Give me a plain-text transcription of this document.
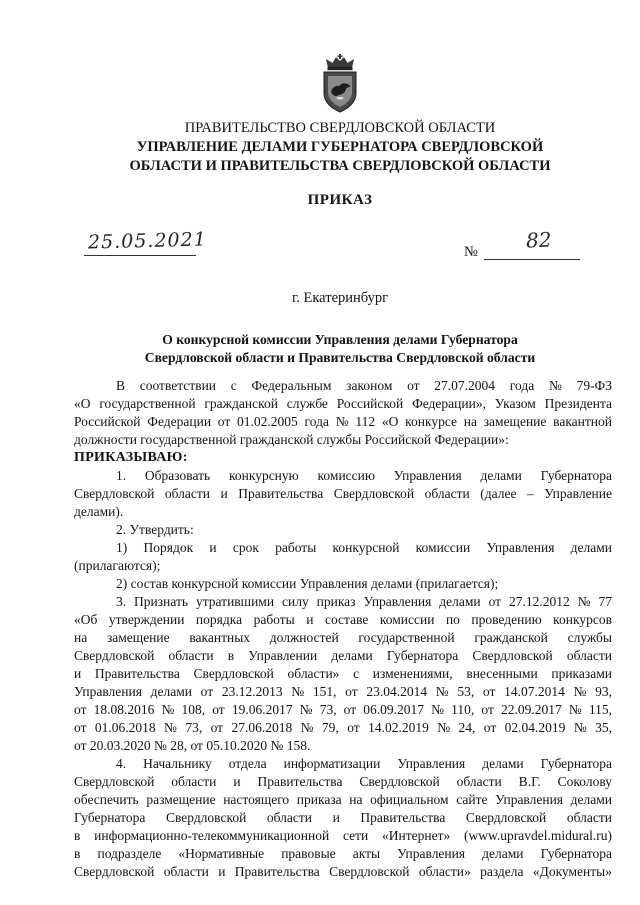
ПРАВИТЕЛЬСТВО СВЕРДЛОВСКОЙ ОБЛАСТИ
УПРАВЛЕНИЕ ДЕЛАМИ ГУБЕРНАТОРА СВЕРДЛОВСКОЙ
ОБЛАСТИ И ПРАВИТЕЛЬСТВА СВЕРДЛОВСКОЙ ОБЛАСТИ
ПРИКАЗ
25.05.2021	№ 82
г. Екатеринбург
О конкурсной комиссии Управления делами Губернатора
Свердловской области и Правительства Свердловской области
В соответствии с Федеральным законом от 27.07.2004 года № 79-ФЗ
«О государственной гражданской службе Российской Федерации», Указом Президента
Российской Федерации от 01.02.2005 года № 112 «О конкурсе на замещение вакантной
должности государственной гражданской службы Российской Федерации»:
ПРИКАЗЫВАЮ:
1. Образовать конкурсную комиссию Управления делами Губернатора
Свердловской области и Правительства Свердловской области (далее – Управление
делами).
2. Утвердить:
1) Порядок и срок работы конкурсной комиссии Управления делами
(прилагаются);
2) состав конкурсной комиссии Управления делами (прилагается);
3. Признать утратившими силу приказ Управления делами от 27.12.2012 № 77
«Об утверждении порядка работы и составе комиссии по проведению конкурсов
на замещение вакантных должностей государственной гражданской службы
Свердловской области в Управлении делами Губернатора Свердловской области
и Правительства Свердловской области» с изменениями, внесенными приказами
Управления делами от 23.12.2013 № 151, от 23.04.2014 № 53, от 14.07.2014 № 93,
от 18.08.2016 № 108, от 19.06.2017 № 73, от 06.09.2017 № 110, от 22.09.2017 № 115,
от 01.06.2018 № 73, от 27.06.2018 № 79, от 14.02.2019 № 24, от 02.04.2019 № 35,
от 20.03.2020 № 28, от 05.10.2020 № 158.
4. Начальнику отдела информатизации Управления делами Губернатора
Свердловской области и Правительства Свердловской области В.Г. Соколову
обеспечить размещение настоящего приказа на официальном сайте Управления делами
Губернатора Свердловской области и Правительства Свердловской области
в информационно-телекоммуникационной сети «Интернет» (www.upravdel.midural.ru)
в подразделе «Нормативные правовые акты Управления делами Губернатора
Свердловской области и Правительства Свердловской области» раздела «Документы»
